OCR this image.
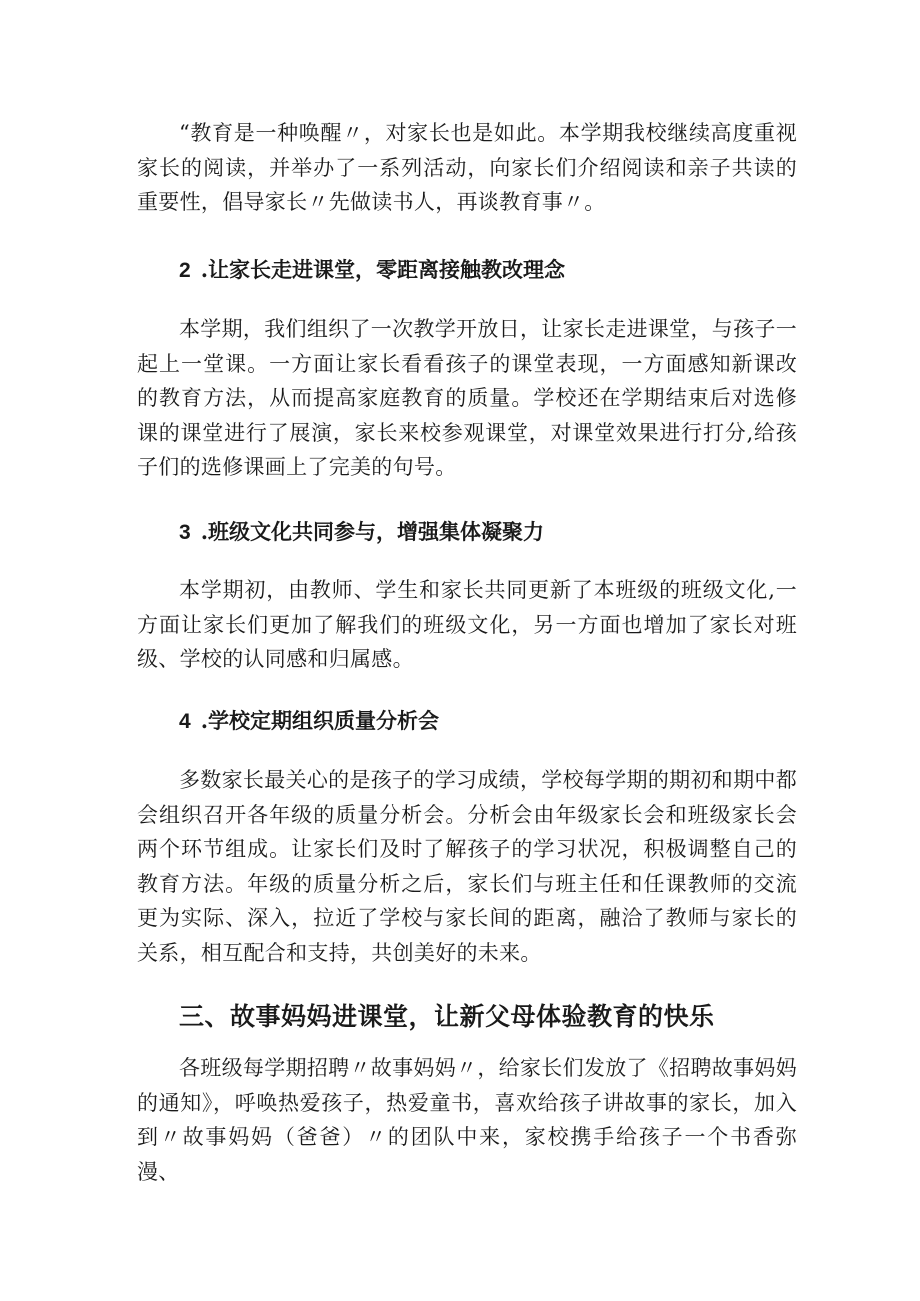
“教育是一种唤醒〃，对家长也是如此。本学期我校继续高度重视家长的阅读，并举办了一系列活动，向家长们介绍阅读和亲子共读的重要性，倡导家长〃先做读书人，再谈教育事〃。

2 .让家长走进课堂，零距离接触教改理念

本学期，我们组织了一次教学开放日，让家长走进课堂，与孩子一起上一堂课。一方面让家长看看孩子的课堂表现，一方面感知新课改的教育方法，从而提高家庭教育的质量。学校还在学期结束后对选修课的课堂进行了展演，家长来校参观课堂，对课堂效果进行打分,给孩子们的选修课画上了完美的句号。

3 .班级文化共同参与，增强集体凝聚力

本学期初，由教师、学生和家长共同更新了本班级的班级文化,一方面让家长们更加了解我们的班级文化，另一方面也增加了家长对班级、学校的认同感和归属感。

4 .学校定期组织质量分析会

多数家长最关心的是孩子的学习成绩，学校每学期的期初和期中都会组织召开各年级的质量分析会。分析会由年级家长会和班级家长会两个环节组成。让家长们及时了解孩子的学习状况，积极调整自己的教育方法。年级的质量分析之后，家长们与班主任和任课教师的交流更为实际、深入，拉近了学校与家长间的距离，融洽了教师与家长的关系，相互配合和支持，共创美好的未来。

三、故事妈妈进课堂，让新父母体验教育的快乐

各班级每学期招聘〃故事妈妈〃，给家长们发放了《招聘故事妈妈的通知》，呼唤热爱孩子，热爱童书，喜欢给孩子讲故事的家长，加入到〃故事妈妈（爸爸）〃的团队中来，家校携手给孩子一个书香弥漫、
